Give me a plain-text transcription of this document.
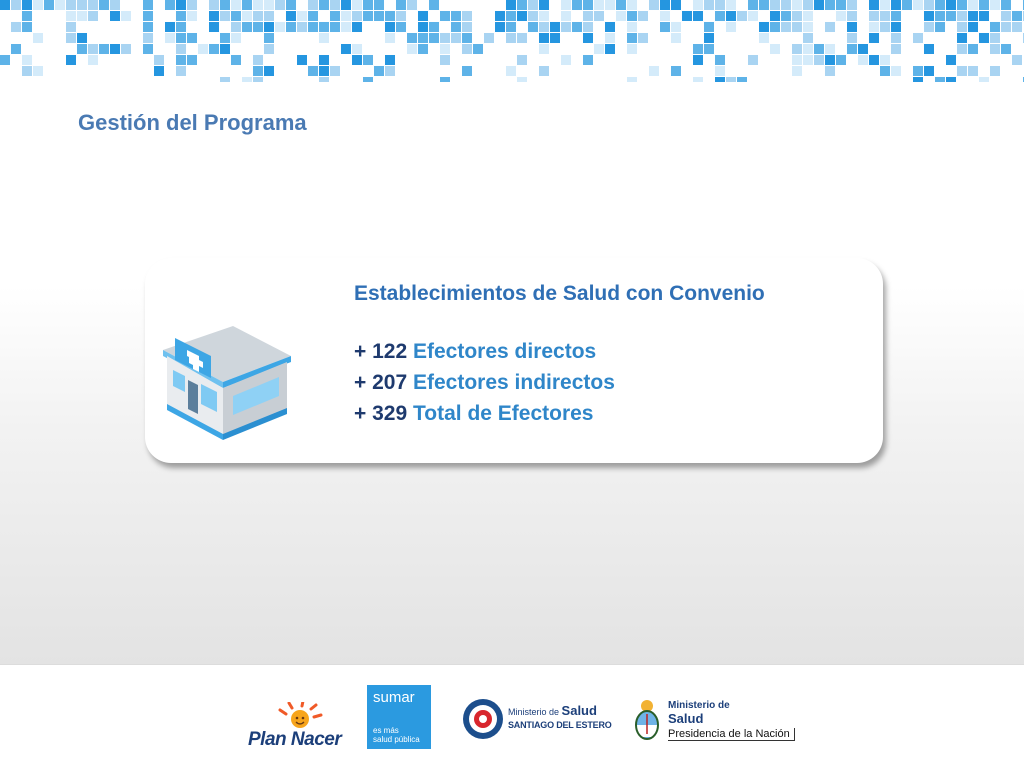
Gestión del Programa
Establecimientos de Salud con Convenio
+ 122 Efectores directos
+ 207 Efectores indirectos
+ 329 Total de Efectores
Plan Nacer
sumar
es más
salud pública
Ministerio de Salud
SANTIAGO DEL ESTERO
Ministerio de
Salud
Presidencia de la Nación
